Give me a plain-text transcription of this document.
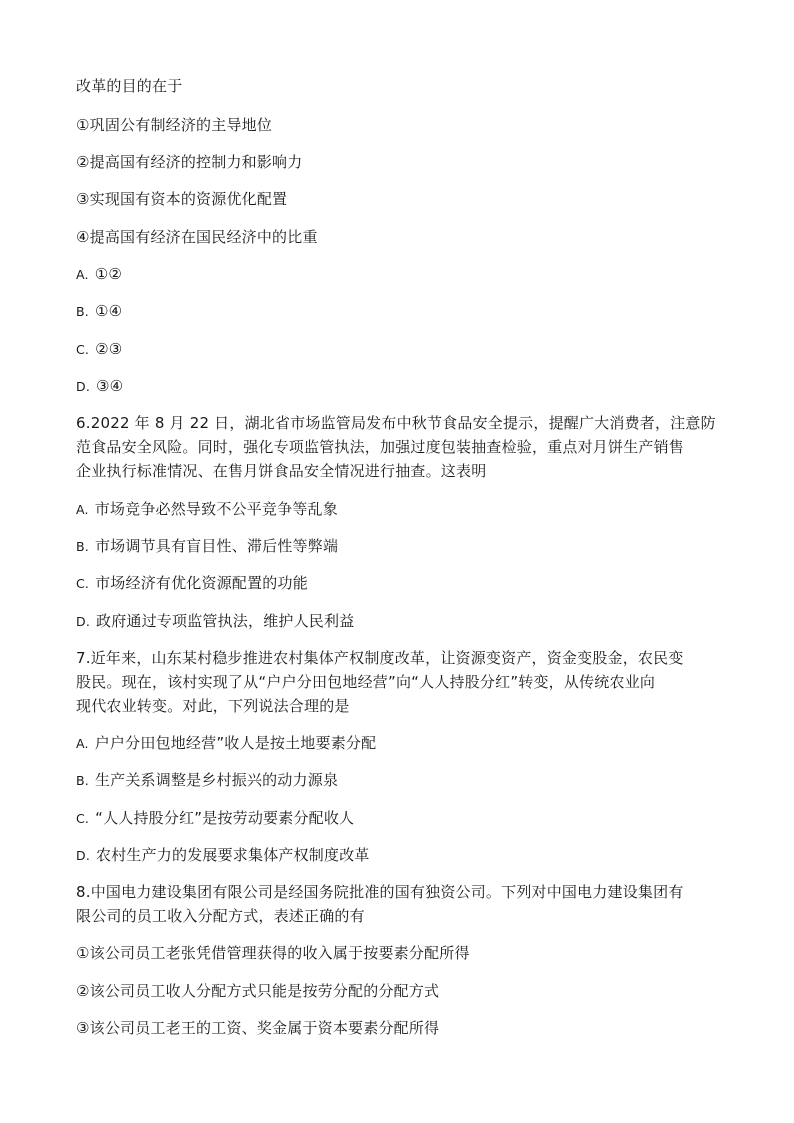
改革的目的在于
①巩固公有制经济的主导地位
②提高国有经济的控制力和影响力
③实现国有资本的资源优化配置
④提高国有经济在国民经济中的比重
A. ①②
B. ①④
C. ②③
D. ③④
6.2022 年 8 月 22 日，湖北省市场监管局发布中秋节食品安全提示，提醒广大消费者，注意防
范食品安全风险。同时，强化专项监管执法，加强过度包装抽查检验，重点对月饼生产销售
企业执行标准情况、在售月饼食品安全情况进行抽查。这表明
A. 市场竞争必然导致不公平竞争等乱象
B. 市场调节具有盲目性、滞后性等弊端
C. 市场经济有优化资源配置的功能
D. 政府通过专项监管执法，维护人民利益
7.近年来，山东某村稳步推进农村集体产权制度改革，让资源变资产，资金变股金，农民变
股民。现在，该村实现了从“户户分田包地经营”向“人人持股分红”转变，从传统农业向
现代农业转变。对此，下列说法合理的是
A. 户户分田包地经营”收人是按土地要素分配
B. 生产关系调整是乡村振兴的动力源泉
C. “人人持股分红”是按劳动要素分配收人
D. 农村生产力的发展要求集体产权制度改革
8.中国电力建设集团有限公司是经国务院批准的国有独资公司。下列对中国电力建设集团有
限公司的员工收入分配方式，表述正确的有
①该公司员工老张凭借管理获得的收入属于按要素分配所得
②该公司员工收人分配方式只能是按劳分配的分配方式
③该公司员工老王的工资、奖金属于资本要素分配所得
